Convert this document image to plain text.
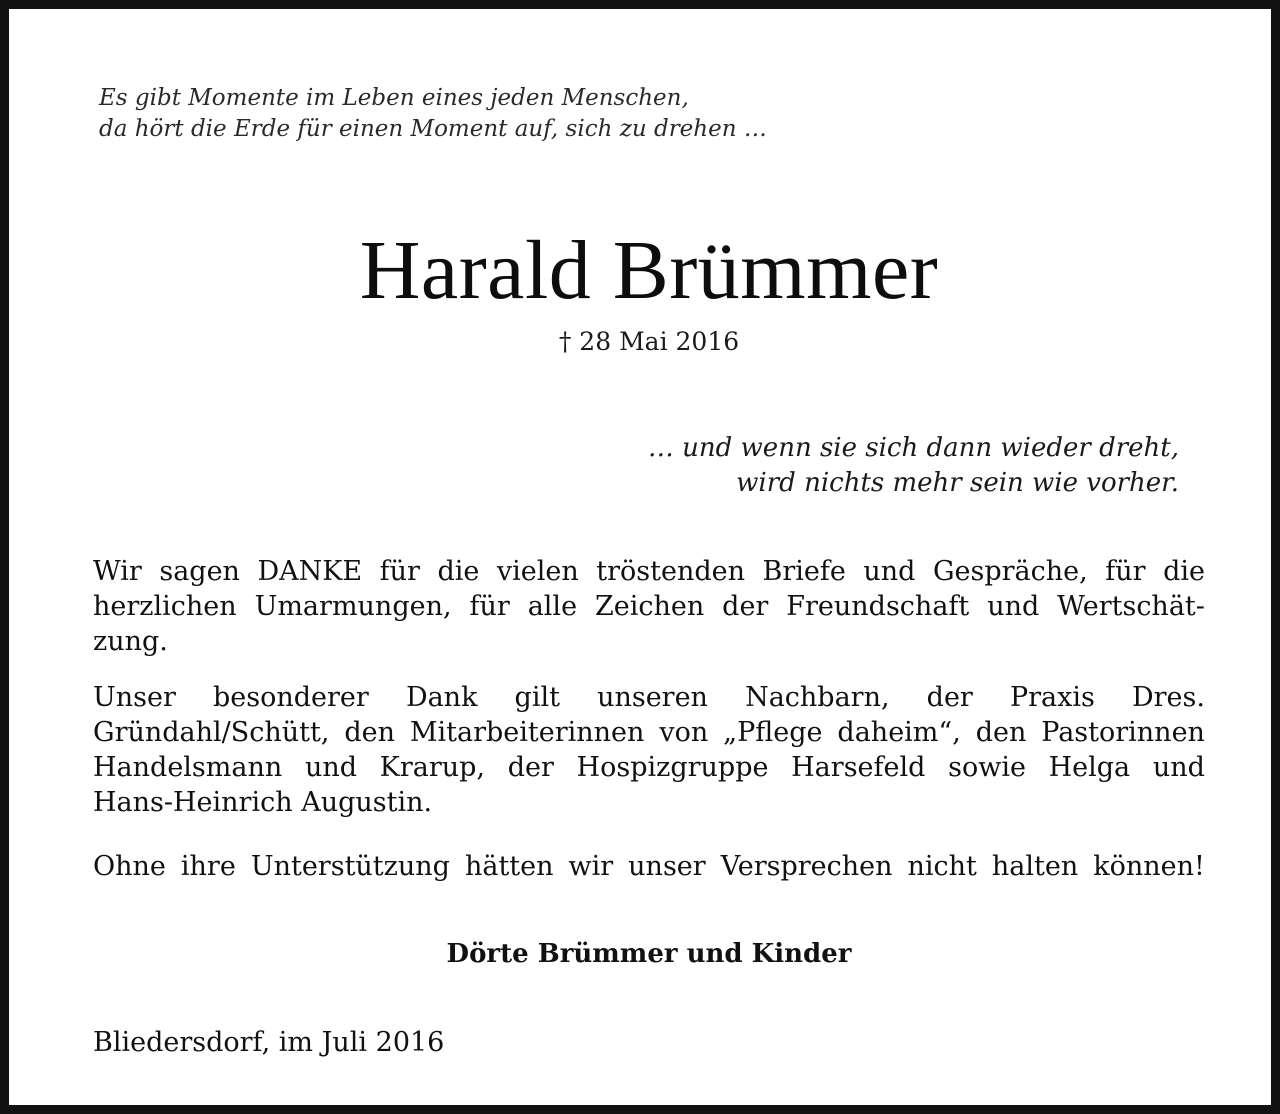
Es gibt Momente im Leben eines jeden Menschen,
da hört die Erde für einen Moment auf, sich zu drehen …
Harald Brümmer
† 28 Mai 2016
… und wenn sie sich dann wieder dreht,
wird nichts mehr sein wie vorher.
Wir sagen DANKE für die vielen tröstenden Briefe und Gespräche, für die
herzlichen Umarmungen, für alle Zeichen der Freundschaft und Wertschät-
zung.
Unser besonderer Dank gilt unseren Nachbarn, der Praxis Dres.
Gründahl/Schütt, den Mitarbeiterinnen von „Pflege daheim“, den Pastorinnen
Handelsmann und Krarup, der Hospizgruppe Harsefeld sowie Helga und
Hans-Heinrich Augustin.
Ohne ihre Unterstützung hätten wir unser Versprechen nicht halten können!
Dörte Brümmer und Kinder
Bliedersdorf, im Juli 2016
